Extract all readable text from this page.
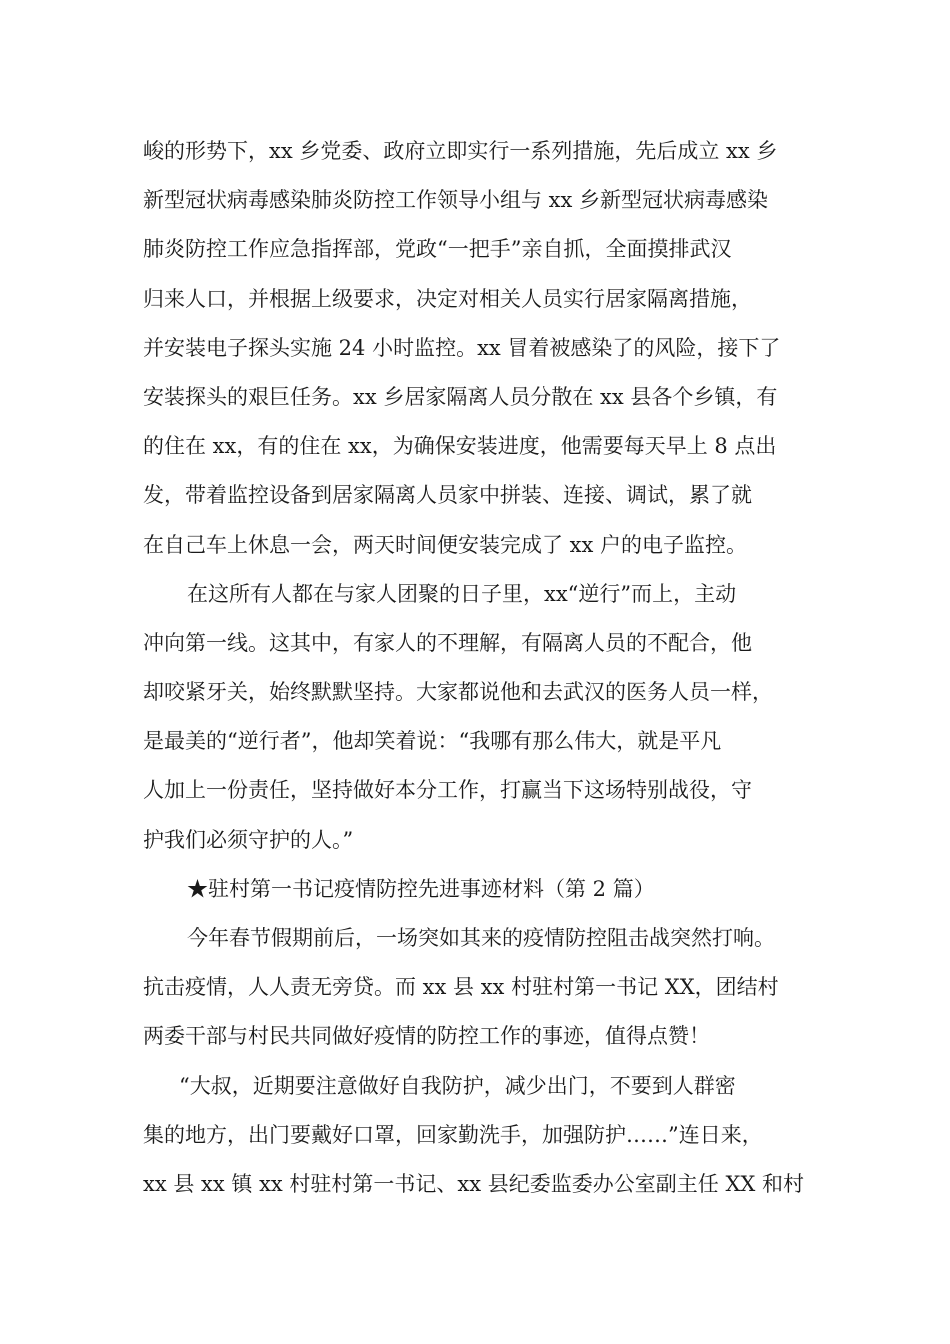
峻的形势下，xx 乡党委、政府立即实行一系列措施，先后成立 xx 乡
新型冠状病毒感染肺炎防控工作领导小组与 xx 乡新型冠状病毒感染
肺炎防控工作应急指挥部，党政“一把手”亲自抓，全面摸排武汉
归来人口，并根据上级要求，决定对相关人员实行居家隔离措施，
并安装电子探头实施 24 小时监控。xx 冒着被感染了的风险，接下了
安装探头的艰巨任务。xx 乡居家隔离人员分散在 xx 县各个乡镇，有
的住在 xx，有的住在 xx，为确保安装进度，他需要每天早上 8 点出
发，带着监控设备到居家隔离人员家中拼装、连接、调试，累了就
在自己车上休息一会，两天时间便安装完成了 xx 户的电子监控。
在这所有人都在与家人团聚的日子里，xx“逆行”而上，主动
冲向第一线。这其中，有家人的不理解，有隔离人员的不配合，他
却咬紧牙关，始终默默坚持。大家都说他和去武汉的医务人员一样，
是最美的“逆行者”，他却笑着说：“我哪有那么伟大，就是平凡
人加上一份责任，坚持做好本分工作，打赢当下这场特别战役，守
护我们必须守护的人。”
★驻村第一书记疫情防控先进事迹材料（第 2 篇）
今年春节假期前后，一场突如其来的疫情防控阻击战突然打响。
抗击疫情，人人责无旁贷。而 xx 县 xx 村驻村第一书记 XX，团结村
两委干部与村民共同做好疫情的防控工作的事迹，值得点赞！
“大叔，近期要注意做好自我防护，减少出门，不要到人群密
集的地方，出门要戴好口罩，回家勤洗手，加强防护……”连日来，
xx 县 xx 镇 xx 村驻村第一书记、xx 县纪委监委办公室副主任 XX 和村
